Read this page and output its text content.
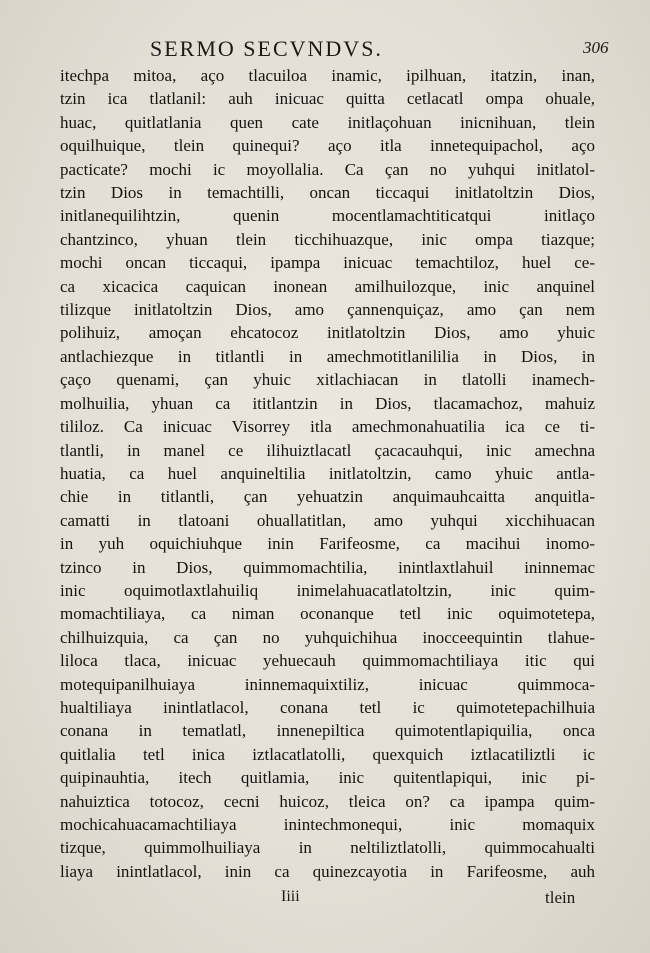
SERMO SECVNDVS.	306
itechpa mitoa, aço tlacuiloa inamic, ipilhuan, itatzin, inan,
tzin ica tlatlanil: auh inicuac quitta cetlacatl ompa ohuale,
huac, quitlatlania quen cate initlaçohuan inicnihuan, tlein
oquilhuique, tlein quinequi? aço itla innetequipachol, aço
pacticate? mochi ic moyollalia. Ca çan no yuhqui initlatol-
tzin Dios in temachtilli, oncan ticcaqui initlatoltzin Dios,
initlanequilihtzin, quenin mocentlamachtiticatqui initlaço
chantzinco, yhuan tlein ticchihuazque, inic ompa tiazque;
mochi oncan ticcaqui, ipampa inicuac temachtiloz, huel ce-
ca xicacica caquican inonean amilhuilozque, inic anquinel
tilizque initlatoltzin Dios, amo çannenquiçaz, amo çan nem
polihuiz, amoçan ehcatocoz initlatoltzin Dios, amo yhuic
antlachiezque in titlantli in amechmotitlanililia in Dios, in
çaço quenami, çan yhuic xitlachiacan in tlatolli inamech-
molhuilia, yhuan ca ititlantzin in Dios, tlacamachoz, mahuiz
tililoz. Ca inicuac Visorrey itla amechmonahuatilia ica ce ti-
tlantli, in manel ce ilihuiztlacatl çacacauhqui, inic amechna
huatia, ca huel anquineltilia initlatoltzin, camo yhuic antla-
chie in titlantli, çan yehuatzin anquimauhcaitta anquitla-
camatti in tlatoani ohuallatitlan, amo yuhqui xicchihuacan
in yuh oquichiuhque inin Farifeosme, ca macihui inomo-
tzinco in Dios, quimmomachtilia, inintlaxtlahuil ininnemac
inic oquimotlaxtlahuiliq inimelahuacatlatoltzin, inic quim-
momachtiliaya, ca niman oconanque tetl inic oquimotetepa,
chilhuizquia, ca çan no yuhquichihua inocceequintin tlahue-
liloca tlaca, inicuac yehuecauh quimmomachtiliaya itic qui
motequipanilhuiaya ininnemaquixtiliz, inicuac quimmoca-
hualtiliaya inintlatlacol, conana tetl ic quimotetepachilhuia
conana in tematlatl, innenepiltica quimotentlapiquilia, onca
quitlalia tetl inica iztlacatlatolli, quexquich iztlacatiliztli ic
quipinauhtia, itech quitlamia, inic quitentlapiqui, inic pi-
nahuiztica totocoz, cecni huicoz, tleica on? ca ipampa quim-
mochicahuacamachtiliaya inintechmonequi, inic momaquix
tizque, quimmolhuiliaya in neltiliztlatolli, quimmocahualti
liaya inintlatlacol, inin ca quinezcayotia in Farifeosme, auh
Iiii	tlein
